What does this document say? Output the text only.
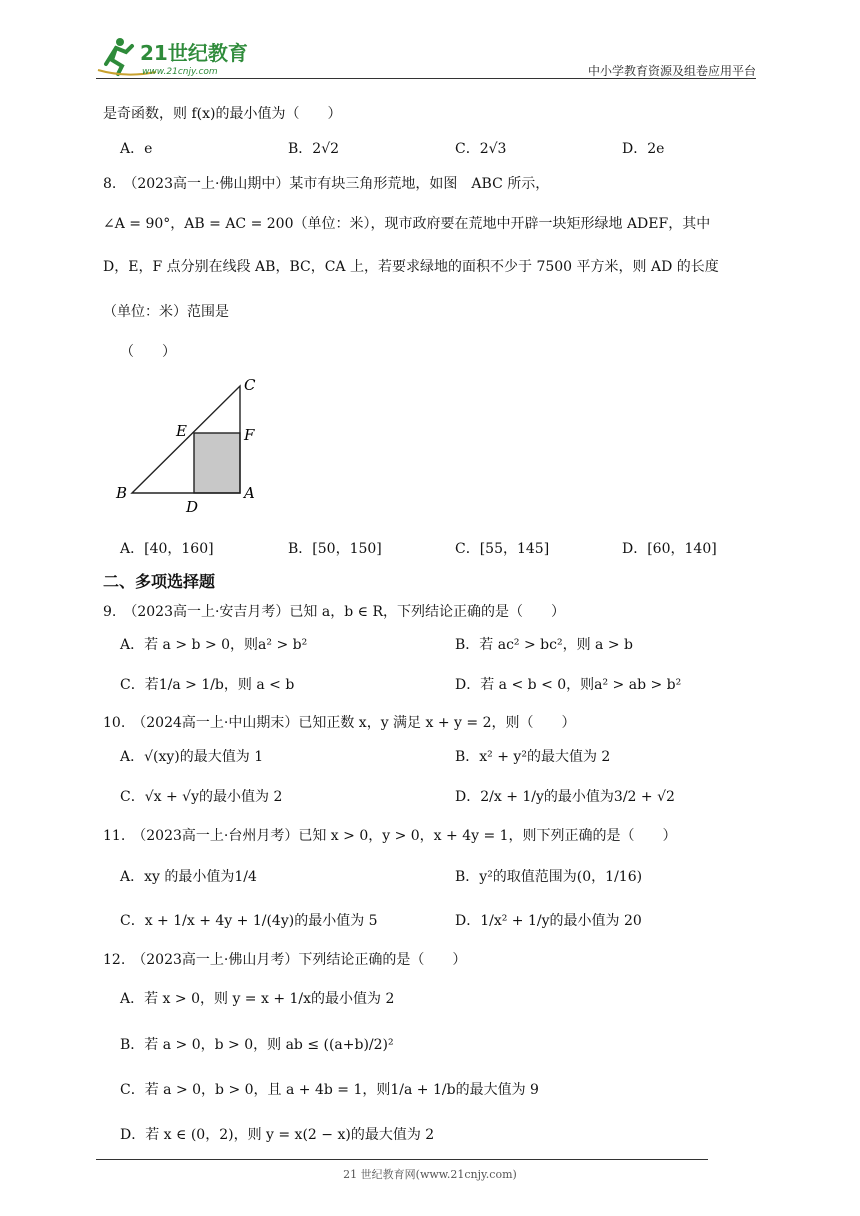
21世纪教育
www.21cnjy.com	中小学教育资源及组卷应用平台
是奇函数，则 f(x)的最小值为（　　）
A．e	B．2√2	C．2√3	D．2e
8.　（2023高一上·佛山期中）某市有块三角形荒地，如图　ABC 所示，
∠A = 90°，AB = AC = 200（单位：米），现市政府要在荒地中开辟一块矩形绿地 ADEF，其中
D，E，F 点分别在线段 AB，BC，CA 上，若要求绿地的面积不少于 7500 平方米，则 AD 的长度
（单位：米）范围是
（　　）
C
E	F
B	A
D
A．[40，160]	B．[50，150]	C．[55，145]	D．[60，140]
二、多项选择题
9.　（2023高一上·安吉月考）已知 a，b ∈ R，下列结论正确的是（　　）
A．若 a > b > 0，则a² > b²	B．若 ac² > bc²，则 a > b
C．若1/a > 1/b，则 a < b	D．若 a < b < 0，则a² > ab > b²
10.　（2024高一上·中山期末）已知正数 x，y 满足 x + y = 2，则（　　）
A．√(xy)的最大值为 1	B．x² + y²的最大值为 2
C．√x + √y的最小值为 2	D．2/x + 1/y的最小值为3/2 + √2
11.　（2023高一上·台州月考）已知 x > 0，y > 0，x + 4y = 1，则下列正确的是（　　）
A．xy 的最小值为1/4	B．y²的取值范围为(0，1/16)
C．x + 1/x + 4y + 1/(4y)的最小值为 5	D．1/x² + 1/y的最小值为 20
12.　（2023高一上·佛山月考）下列结论正确的是（　　）
A．若 x > 0，则 y = x + 1/x的最小值为 2
B．若 a > 0，b > 0，则 ab ≤ ((a+b)/2)²
C．若 a > 0，b > 0，且 a + 4b = 1，则1/a + 1/b的最大值为 9
D．若 x ∈ (0，2)，则 y = x(2 − x)的最大值为 2
21 世纪教育网(www.21cnjy.com)
